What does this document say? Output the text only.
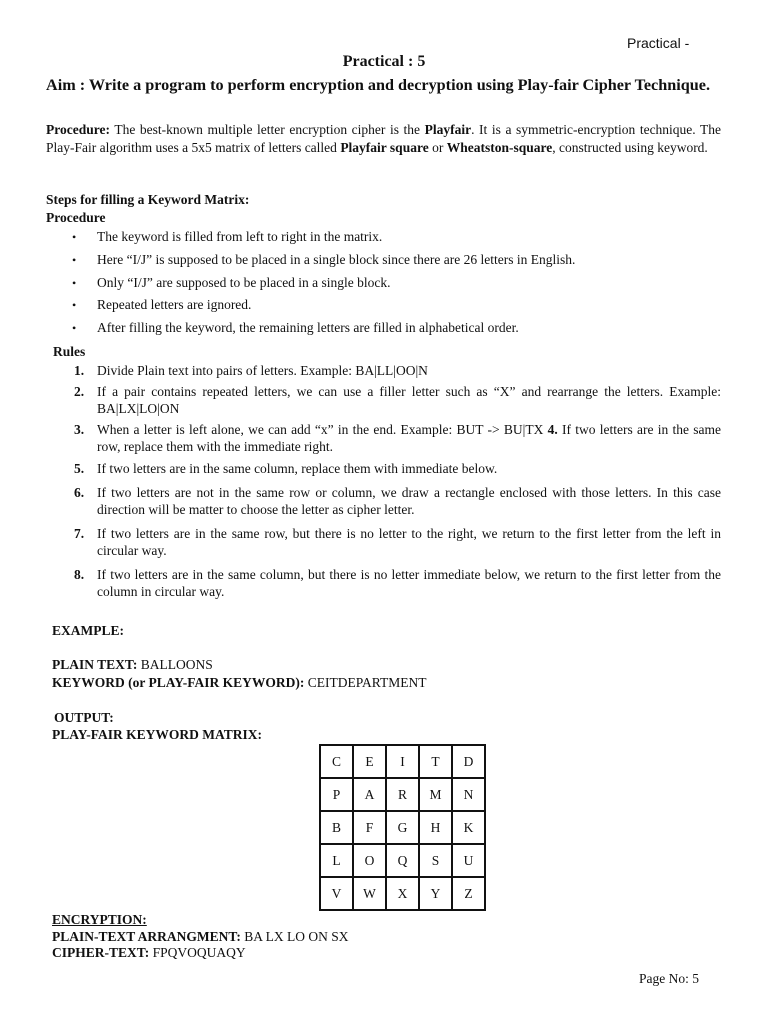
Practical -
Practical : 5
Aim : Write a program to perform encryption and decryption using Play-fair Cipher Technique.
Procedure: The best-known multiple letter encryption cipher is the Playfair. It is a symmetric-encryption technique. The Play-Fair algorithm uses a 5x5 matrix of letters called Playfair square or Wheatston-square, constructed using keyword.
Steps for filling a Keyword Matrix:
Procedure
• The keyword is filled from left to right in the matrix.
• Here “I/J” is supposed to be placed in a single block since there are 26 letters in English.
• Only “I/J” are supposed to be placed in a single block.
• Repeated letters are ignored.
• After filling the keyword, the remaining letters are filled in alphabetical order.
Rules
1. Divide Plain text into pairs of letters. Example: BA|LL|OO|N
2. If a pair contains repeated letters, we can use a filler letter such as “X” and rearrange the letters. Example: BA|LX|LO|ON
3. When a letter is left alone, we can add “x” in the end. Example: BUT -> BU|TX 4. If two letters are in the same row, replace them with the immediate right.
5. If two letters are in the same column, replace them with immediate below.
6. If two letters are not in the same row or column, we draw a rectangle enclosed with those letters. In this case direction will be matter to choose the letter as cipher letter.
7. If two letters are in the same row, but there is no letter to the right, we return to the first letter from the left in circular way.
8. If two letters are in the same column, but there is no letter immediate below, we return to the first letter from the column in circular way.
EXAMPLE:
PLAIN TEXT: BALLOONS
KEYWORD (or PLAY-FAIR KEYWORD): CEITDEPARTMENT
OUTPUT:
PLAY-FAIR KEYWORD MATRIX:
C	E	I	T	D
P	A	R	M	N
B	F	G	H	K
L	O	Q	S	U
V	W	X	Y	Z
ENCRYPTION:
PLAIN-TEXT ARRANGMENT: BA LX LO ON SX
CIPHER-TEXT: FPQVOQUAQY
Page No: 5
